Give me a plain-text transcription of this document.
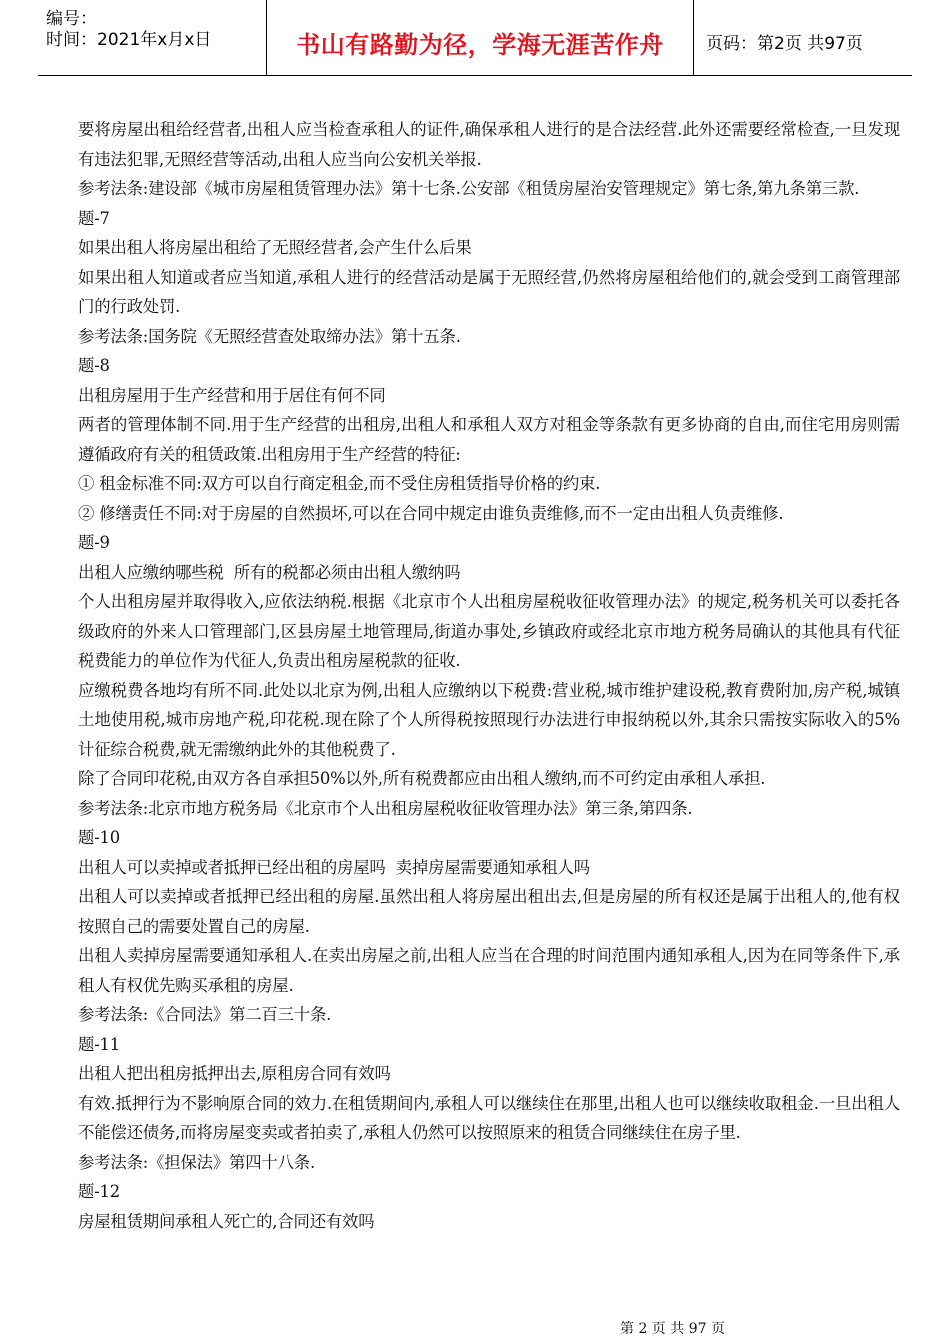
编号：
时间：2021年x月x日	书山有路勤为径，学海无涯苦作舟	页码：第2页 共97页

要将房屋出租给经营者,出租人应当检查承租人的证件,确保承租人进行的是合法经营.此外还需要经常检查,一旦发现有违法犯罪,无照经营等活动,出租人应当向公安机关举报.

参考法条:建设部《城市房屋租赁管理办法》第十七条.公安部《租赁房屋治安管理规定》第七条,第九条第三款.

题-7

如果出租人将房屋出租给了无照经营者,会产生什么后果

如果出租人知道或者应当知道,承租人进行的经营活动是属于无照经营,仍然将房屋租给他们的,就会受到工商管理部门的行政处罚.

参考法条:国务院《无照经营查处取缔办法》第十五条.

题-8

出租房屋用于生产经营和用于居住有何不同

两者的管理体制不同.用于生产经营的出租房,出租人和承租人双方对租金等条款有更多协商的自由,而住宅用房则需遵循政府有关的租赁政策.出租房用于生产经营的特征:

① 租金标准不同:双方可以自行商定租金,而不受住房租赁指导价格的约束.

② 修缮责任不同:对于房屋的自然损坏,可以在合同中规定由谁负责维修,而不一定由出租人负责维修.

题-9

出租人应缴纳哪些税  所有的税都必须由出租人缴纳吗

个人出租房屋并取得收入,应依法纳税.根据《北京市个人出租房屋税收征收管理办法》的规定,税务机关可以委托各级政府的外来人口管理部门,区县房屋土地管理局,街道办事处,乡镇政府或经北京市地方税务局确认的其他具有代征税费能力的单位作为代征人,负责出租房屋税款的征收.

应缴税费各地均有所不同.此处以北京为例,出租人应缴纳以下税费:营业税,城市维护建设税,教育费附加,房产税,城镇土地使用税,城市房地产税,印花税.现在除了个人所得税按照现行办法进行申报纳税以外,其余只需按实际收入的5%计征综合税费,就无需缴纳此外的其他税费了.

除了合同印花税,由双方各自承担50%以外,所有税费都应由出租人缴纳,而不可约定由承租人承担.

参考法条:北京市地方税务局《北京市个人出租房屋税收征收管理办法》第三条,第四条.

题-10

出租人可以卖掉或者抵押已经出租的房屋吗  卖掉房屋需要通知承租人吗

出租人可以卖掉或者抵押已经出租的房屋.虽然出租人将房屋出租出去,但是房屋的所有权还是属于出租人的,他有权按照自己的需要处置自己的房屋.

出租人卖掉房屋需要通知承租人.在卖出房屋之前,出租人应当在合理的时间范围内通知承租人,因为在同等条件下,承租人有权优先购买承租的房屋.

参考法条:《合同法》第二百三十条.

题-11

出租人把出租房抵押出去,原租房合同有效吗

有效.抵押行为不影响原合同的效力.在租赁期间内,承租人可以继续住在那里,出租人也可以继续收取租金.一旦出租人不能偿还债务,而将房屋变卖或者拍卖了,承租人仍然可以按照原来的租赁合同继续住在房子里.

参考法条:《担保法》第四十八条.

题-12

房屋租赁期间承租人死亡的,合同还有效吗

第 2 页 共 97 页
